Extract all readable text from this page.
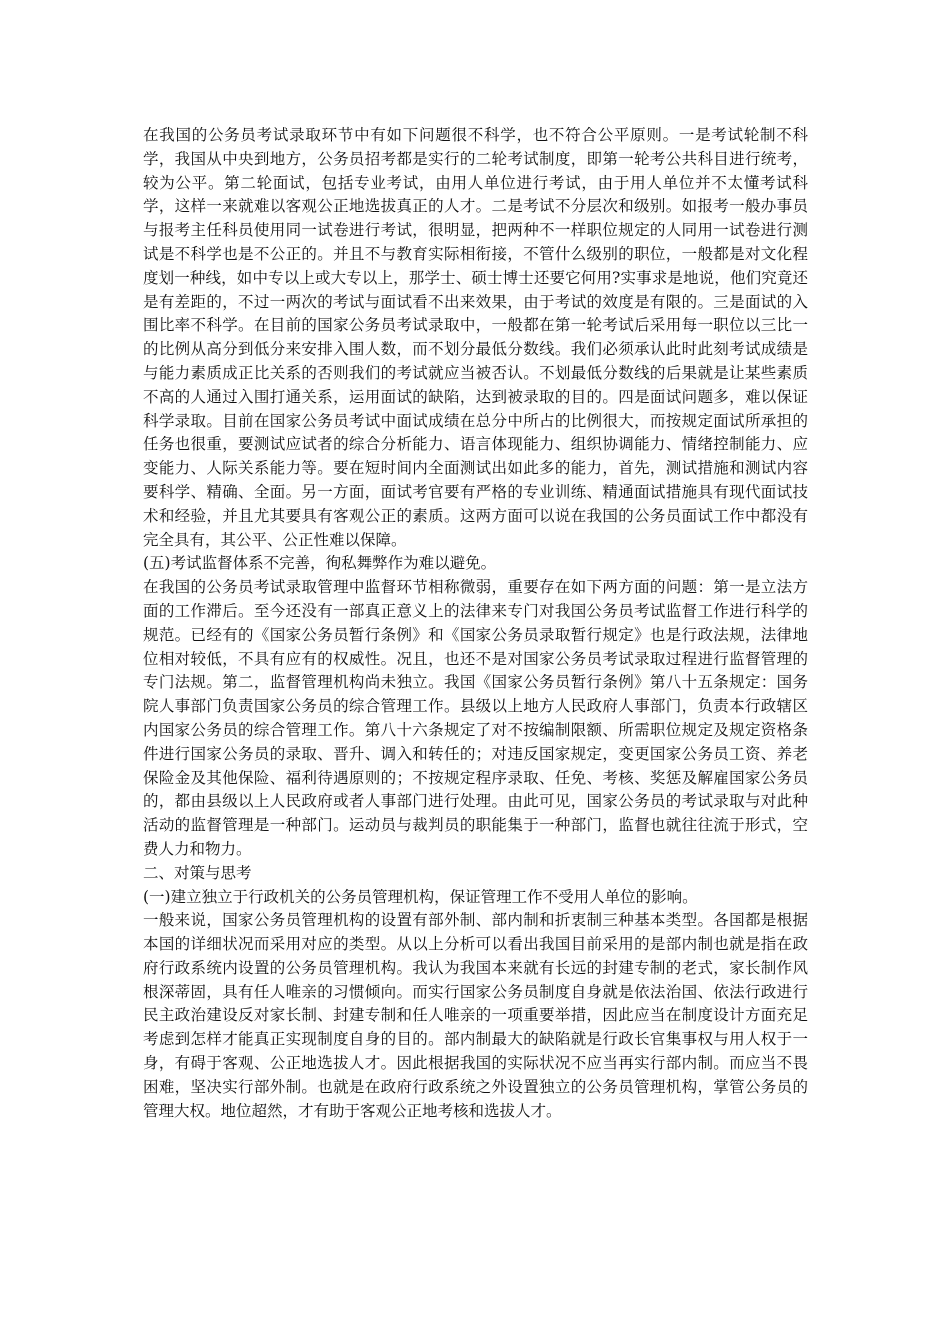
在我国的公务员考试录取环节中有如下问题很不科学，也不符合公平原则。一是考试轮制不科学，我国从中央到地方，公务员招考都是实行的二轮考试制度，即第一轮考公共科目进行统考，较为公平。第二轮面试，包括专业考试，由用人单位进行考试，由于用人单位并不太懂考试科学，这样一来就难以客观公正地选拔真正的人才。二是考试不分层次和级别。如报考一般办事员与报考主任科员使用同一试卷进行考试，很明显，把两种不一样职位规定的人同用一试卷进行测试是不科学也是不公正的。并且不与教育实际相衔接，不管什么级别的职位，一般都是对文化程度划一种线，如中专以上或大专以上，那学士、硕士博士还要它何用?实事求是地说，他们究竟还是有差距的，不过一两次的考试与面试看不出来效果，由于考试的效度是有限的。三是面试的入围比率不科学。在目前的国家公务员考试录取中，一般都在第一轮考试后采用每一职位以三比一的比例从高分到低分来安排入围人数，而不划分最低分数线。我们必须承认此时此刻考试成绩是与能力素质成正比关系的否则我们的考试就应当被否认。不划最低分数线的后果就是让某些素质不高的人通过入围打通关系，运用面试的缺陷，达到被录取的目的。四是面试问题多，难以保证科学录取。目前在国家公务员考试中面试成绩在总分中所占的比例很大，而按规定面试所承担的任务也很重，要测试应试者的综合分析能力、语言体现能力、组织协调能力、情绪控制能力、应变能力、人际关系能力等。要在短时间内全面测试出如此多的能力，首先，测试措施和测试内容要科学、精确、全面。另一方面，面试考官要有严格的专业训练、精通面试措施具有现代面试技术和经验，并且尤其要具有客观公正的素质。这两方面可以说在我国的公务员面试工作中都没有完全具有，其公平、公正性难以保障。

(五)考试监督体系不完善，徇私舞弊作为难以避免。

在我国的公务员考试录取管理中监督环节相称微弱，重要存在如下两方面的问题：第一是立法方面的工作滞后。至今还没有一部真正意义上的法律来专门对我国公务员考试监督工作进行科学的规范。已经有的《国家公务员暂行条例》和《国家公务员录取暂行规定》也是行政法规，法律地位相对较低，不具有应有的权威性。况且，也还不是对国家公务员考试录取过程进行监督管理的专门法规。第二，监督管理机构尚未独立。我国《国家公务员暂行条例》第八十五条规定：国务院人事部门负责国家公务员的综合管理工作。县级以上地方人民政府人事部门，负责本行政辖区内国家公务员的综合管理工作。第八十六条规定了对不按编制限额、所需职位规定及规定资格条件进行国家公务员的录取、晋升、调入和转任的；对违反国家规定，变更国家公务员工资、养老保险金及其他保险、福利待遇原则的；不按规定程序录取、任免、考核、奖惩及解雇国家公务员的，都由县级以上人民政府或者人事部门进行处理。由此可见，国家公务员的考试录取与对此种活动的监督管理是一种部门。运动员与裁判员的职能集于一种部门，监督也就往往流于形式，空费人力和物力。

二、对策与思考

(一)建立独立于行政机关的公务员管理机构，保证管理工作不受用人单位的影响。

一般来说，国家公务员管理机构的设置有部外制、部内制和折衷制三种基本类型。各国都是根据本国的详细状况而采用对应的类型。从以上分析可以看出我国目前采用的是部内制也就是指在政府行政系统内设置的公务员管理机构。我认为我国本来就有长远的封建专制的老式，家长制作风根深蒂固，具有任人唯亲的习惯倾向。而实行国家公务员制度自身就是依法治国、依法行政进行民主政治建设反对家长制、封建专制和任人唯亲的一项重要举措，因此应当在制度设计方面充足考虑到怎样才能真正实现制度自身的目的。部内制最大的缺陷就是行政长官集事权与用人权于一身，有碍于客观、公正地选拔人才。因此根据我国的实际状况不应当再实行部内制。而应当不畏困难，坚决实行部外制。也就是在政府行政系统之外设置独立的公务员管理机构，掌管公务员的管理大权。地位超然，才有助于客观公正地考核和选拔人才。
